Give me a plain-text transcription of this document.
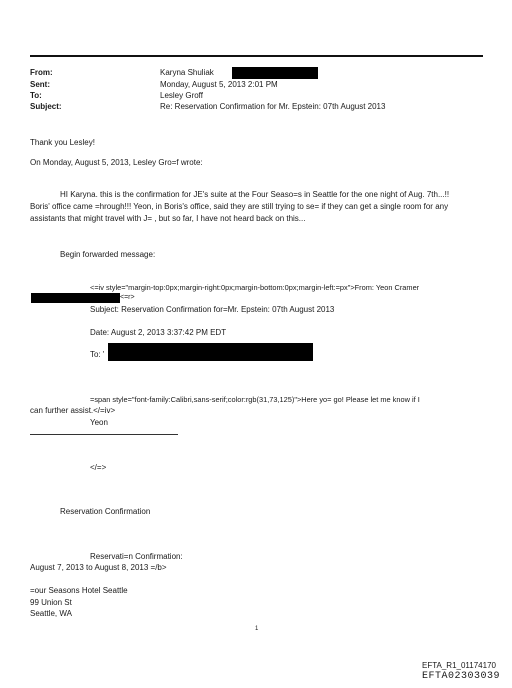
From:
Sent:
To:
Subject:
Karyna Shuliak
Monday, August 5, 2013 2:01 PM
Lesley Groff
Re: Reservation Confirmation for Mr. Epstein: 07th August 2013
Thank you Lesley!
On Monday, August 5, 2013, Lesley Gro=f wrote:
HI Karyna. this is the confirmation for JE's suite at the Four Seaso=s in Seattle for the one night of Aug. 7th...!!
Boris' office came =hrough!!! Yeon, in Boris's office, said they are still trying to se= if they can get a single room for any
assistants that might travel with J= , but so far, I have not heard back on this...
Begin forwarded message:
<=iv style="margin-top:0px;margin-right:0px;margin-bottom:0px;margin-left:=px">From: Yeon Cramer
<=r>
Subject: Reservation Confirmation for=Mr. Epstein: 07th August 2013
Date: August 2, 2013 3:37:42 PM EDT
To: '
=span style="font-family:Calibri,sans-serif;color:rgb(31,73,125)">Here yo= go! Please let me know if I
can further assist.</=iv>
Yeon
</=>
Reservation Confirmation
Reservati=n Confirmation:
August 7, 2013 to August 8, 2013 =/b>
=our Seasons Hotel Seattle
99 Union St
Seattle, WA
1
EFTA_R1_01174170
EFTA02303039
